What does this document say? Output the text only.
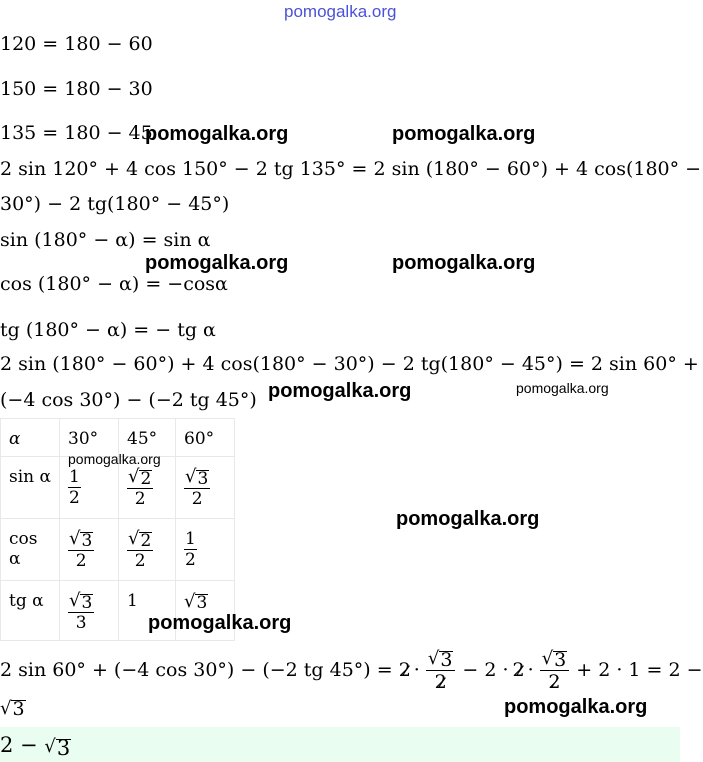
pomogalka.org
120 = 180 − 60
150 = 180 − 30
135 = 180 − 45
pomogalka.org	pomogalka.org
2 sin 120° + 4 cos 150° − 2 tg 135° = 2 sin (180° − 60°) + 4 cos(180° −
30°) − 2 tg(180° − 45°)
sin (180° − α) = sin α
pomogalka.org	pomogalka.org
cos (180° − α) = −cosα
tg (180° − α) = − tg α
2 sin (180° − 60°) + 4 cos(180° − 30°) − 2 tg(180° − 45°) = 2 sin 60° +
(−4 cos 30°) − (−2 tg 45°) pomogalka.org	pomogalka.org
α	30°	45°	60°

sin α	$\frac{1}{2}$	$\frac{√ 2}{2}$	$\frac{√ 3}{2}$

cos α	$\frac{√ 3}{2}$	$\frac{√ 2}{2}$	$\frac{1}{2}$

tg α	$\frac{√ 3}{3}$	1	√ 3
pomogalka.org
pomogalka.org
pomogalka.org
2 sin 60° + (−4 cos 30°) − (−2 tg 45°) = 2 ·
√ 3
2
− 2 · 2 ·
√ 3
2
+ 2 · 1 = 2 −
√ 3	pomogalka.org
2 − √ 3
